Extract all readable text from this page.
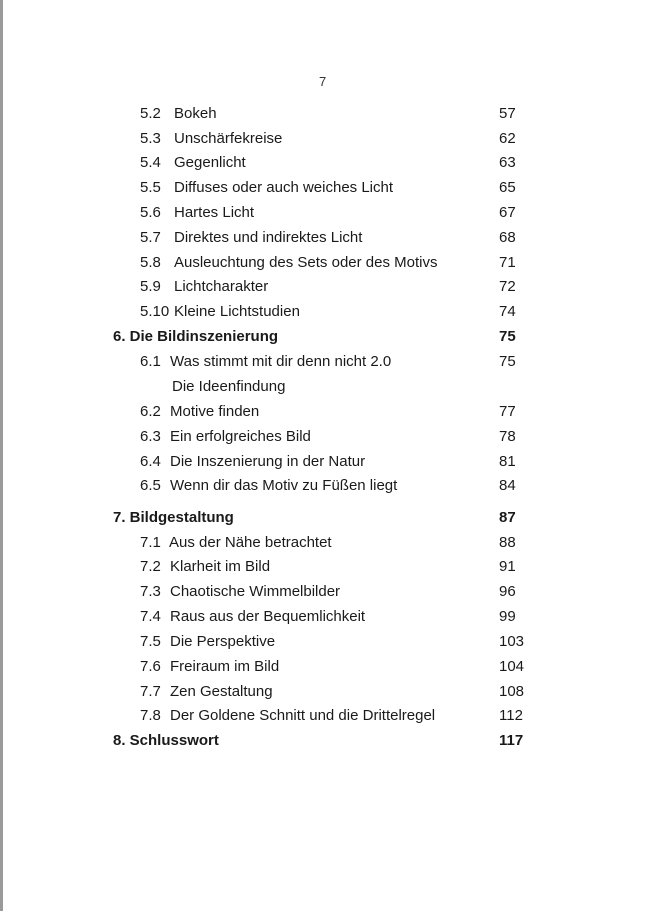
7
5.2 Bokeh	57
5.3 Unschärfekreise	62
5.4 Gegenlicht	63
5.5 Diffuses oder auch weiches Licht	65
5.6 Hartes Licht	67
5.7 Direktes und indirektes Licht	68
5.8 Ausleuchtung des Sets oder des Motivs	71
5.9 Lichtcharakter	72
5.10 Kleine Lichtstudien	74
6. Die Bildinszenierung	75
6.1 Was stimmt mit dir denn nicht 2.0	75
Die Ideenfindung
6.2 Motive finden	77
6.3 Ein erfolgreiches Bild	78
6.4 Die Inszenierung in der Natur	81
6.5 Wenn dir das Motiv zu Füßen liegt	84
7. Bildgestaltung	87
7.1 Aus der Nähe betrachtet	88
7.2 Klarheit im Bild	91
7.3 Chaotische Wimmelbilder	96
7.4 Raus aus der Bequemlichkeit	99
7.5 Die Perspektive	103
7.6 Freiraum im Bild	104
7.7 Zen Gestaltung	108
7.8 Der Goldene Schnitt und die Drittelregel	112
8. Schlusswort	117
